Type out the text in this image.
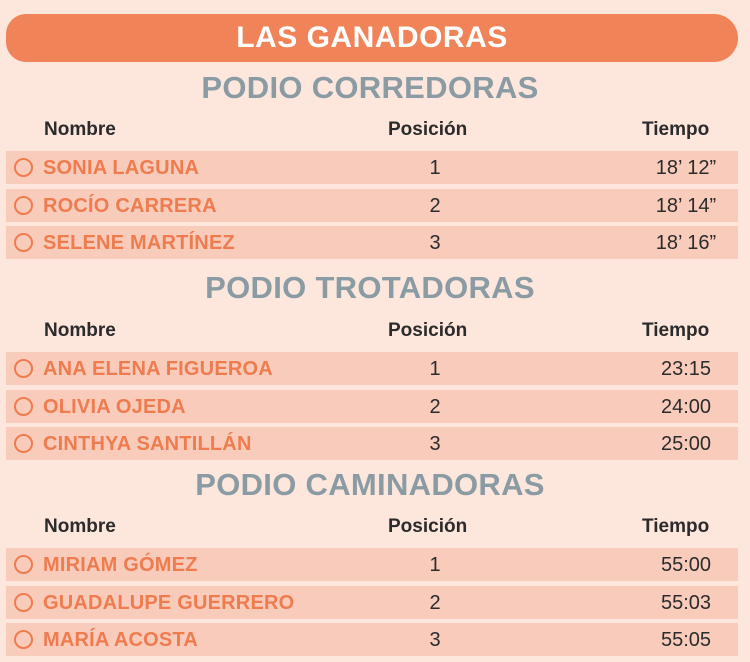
LAS GANADORAS
PODIO CORREDORAS
Nombre	Posición	Tiempo
SONIA LAGUNA	1	18’ 12”
ROCÍO CARRERA	2	18’ 14”
SELENE MARTÍNEZ	3	18’ 16”
PODIO TROTADORAS
Nombre	Posición	Tiempo
ANA ELENA FIGUEROA	1	23:15
OLIVIA OJEDA	2	24:00
CINTHYA SANTILLÁN	3	25:00
PODIO CAMINADORAS
Nombre	Posición	Tiempo
MIRIAM GÓMEZ	1	55:00
GUADALUPE GUERRERO	2	55:03
MARÍA ACOSTA	3	55:05
